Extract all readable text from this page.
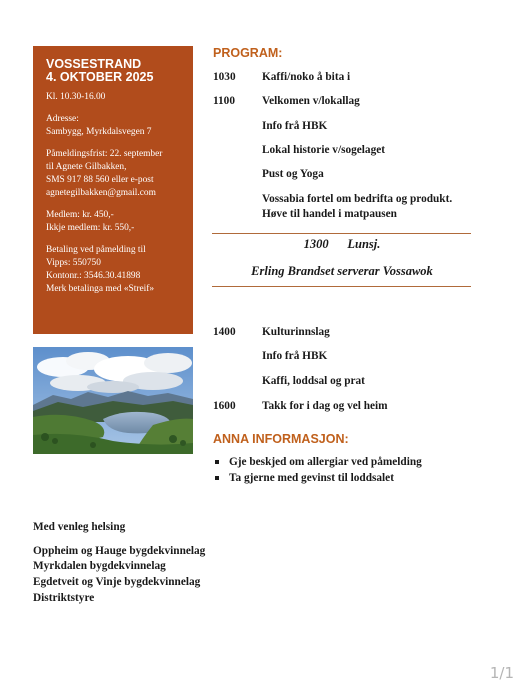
VOSSESTRAND
4. OKTOBER 2025
Kl. 10.30-16.00
Adresse:
Sambygg, Myrkdalsvegen 7
Påmeldingsfrist: 22. september
til Agnete Gilbakken,
SMS 917 88 560 eller e-post
agnetegilbakken@gmail.com
Medlem: kr. 450,-
Ikkje medlem: kr. 550,-
Betaling ved påmelding til
Vipps: 550750
Kontonr.: 3546.30.41898
Merk betalinga med «Streif»
PROGRAM:
1030	Kaffi/noko å bita i
1100	Velkomen v/lokallag
Info frå HBK
Lokal historie v/sogelaget
Pust og Yoga
Vossabia fortel om bedrifta og produkt.
Høve til handel i matpausen
1300      Lunsj.
Erling Brandset serverar Vossawok
1400	Kulturinnslag
Info frå HBK
Kaffi, loddsal og prat
1600	Takk for i dag og vel heim
ANNA INFORMASJON:
Gje beskjed om allergiar ved påmelding
Ta gjerne med gevinst til loddsalet
Med venleg helsing
Oppheim og Hauge bygdekvinnelag
Myrkdalen bygdekvinnelag
Egdetveit og Vinje bygdekvinnelag
Distriktstyre
1/1
